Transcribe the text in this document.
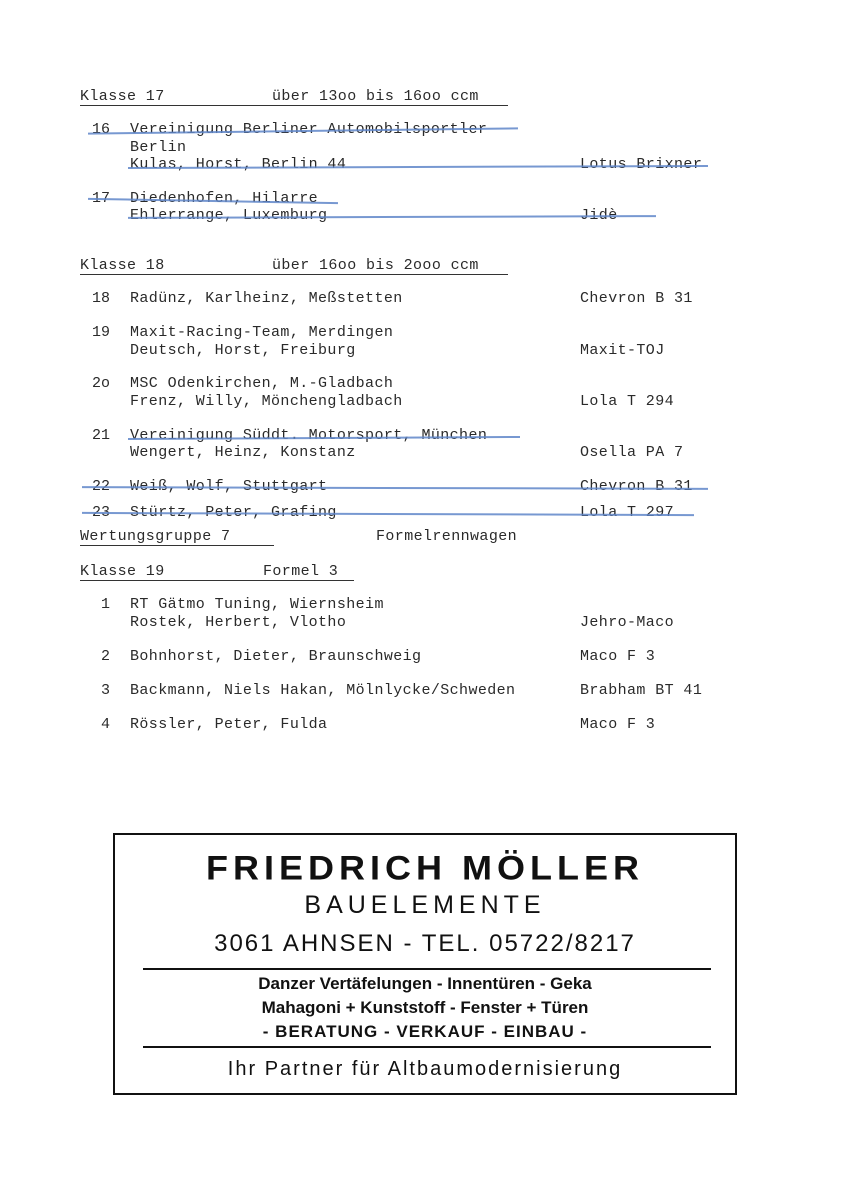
Klasse 17	über 13oo bis 16oo ccm
16 Vereinigung Berliner Automobilsportler
Berlin
Kulas, Horst, Berlin 44	Lotus Brixner
17 Diedenhofen, Hilarre
Ehlerrange, Luxemburg	Jidè
Klasse 18	über 16oo bis 2ooo ccm
18 Radünz, Karlheinz, Meßstetten	Chevron B 31
19 Maxit-Racing-Team, Merdingen
Deutsch, Horst, Freiburg	Maxit-TOJ
2o MSC Odenkirchen, M.-Gladbach
Frenz, Willy, Mönchengladbach	Lola T 294
21 Vereinigung Süddt. Motorsport, München
Wengert, Heinz, Konstanz	Osella PA 7
22 Weiß, Wolf, Stuttgart	Chevron B 31
23 Stürtz, Peter, Grafing	Lola T 297
Wertungsgruppe 7	Formelrennwagen
Klasse 19	Formel 3
1 RT Gätmo Tuning, Wiernsheim
Rostek, Herbert, Vlotho	Jehro-Maco
2 Bohnhorst, Dieter, Braunschweig	Maco F 3
3 Backmann, Niels Hakan, Mölnlycke/Schweden	Brabham BT 41
4 Rössler, Peter, Fulda	Maco F 3
FRIEDRICH MÖLLER
BAUELEMENTE
3061 AHNSEN - TEL. 05722/8217
Danzer Vertäfelungen - Innentüren - Geka
Mahagoni + Kunststoff - Fenster + Türen
- BERATUNG - VERKAUF - EINBAU -
Ihr Partner für Altbaumodernisierung
